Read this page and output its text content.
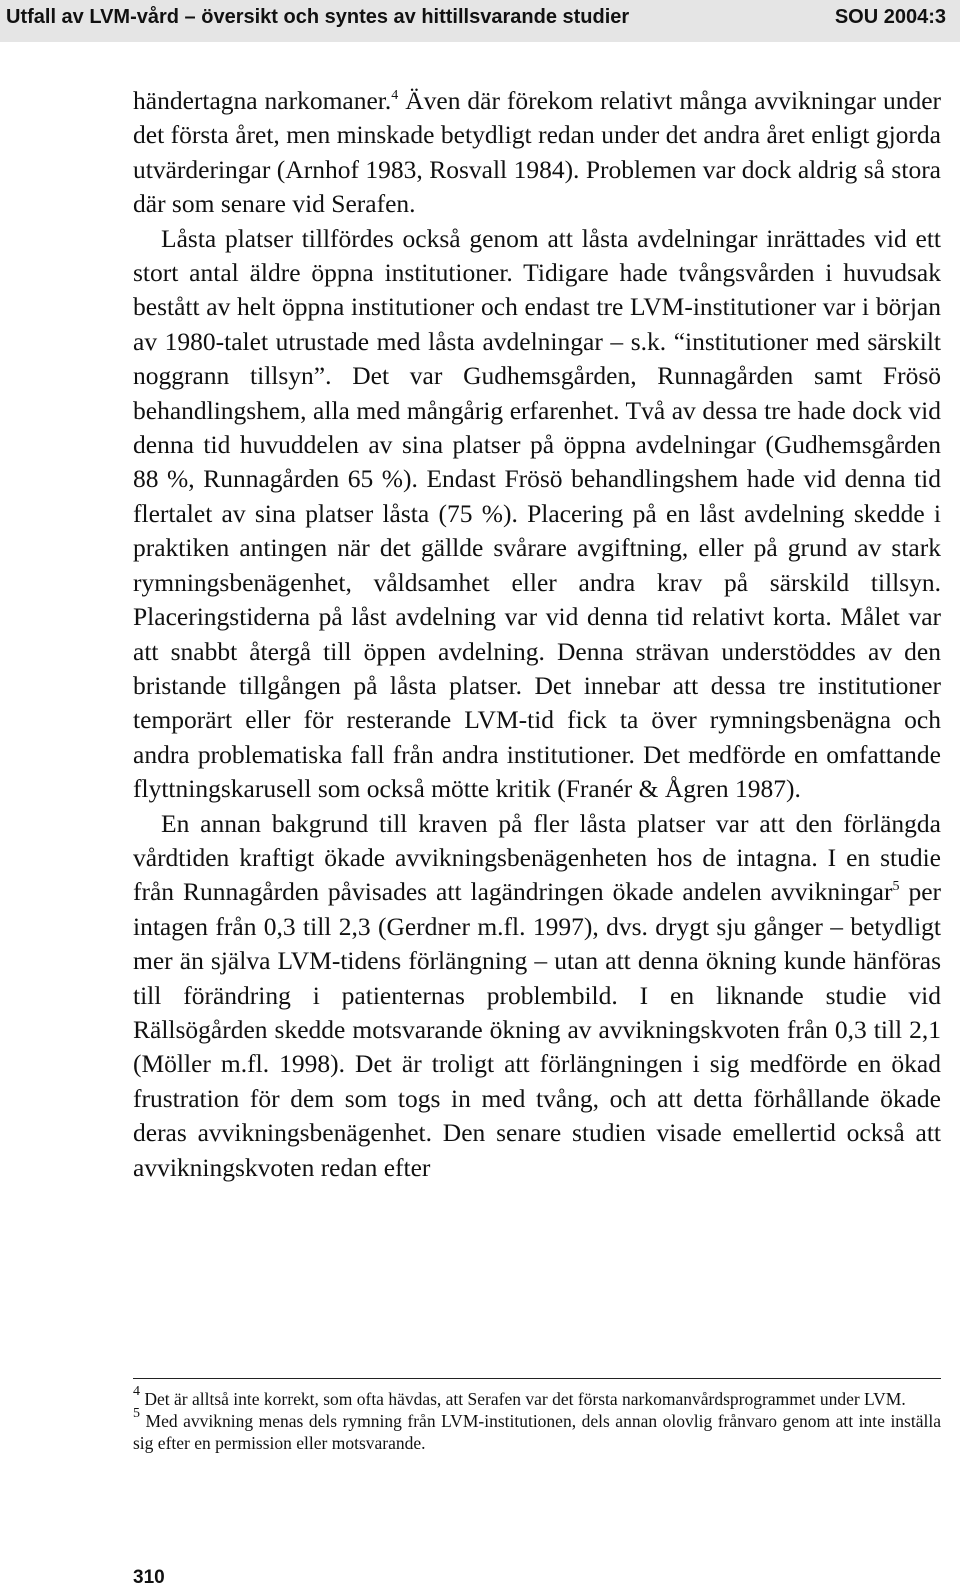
Utfall av LVM-vård – översikt och syntes av hittillsvarande studier	SOU 2004:3

händertagna narkomaner.$^4$ Även där förekom relativt många avvikningar under det första året, men minskade betydligt redan under det andra året enligt gjorda utvärderingar (Arnhof 1983, Rosvall 1984). Problemen var dock aldrig så stora där som senare vid Serafen.

Låsta platser tillfördes också genom att låsta avdelningar inrättades vid ett stort antal äldre öppna institutioner. Tidigare hade tvångsvården i huvudsak bestått av helt öppna institutioner och endast tre LVM-institutioner var i början av 1980-talet utrustade med låsta avdelningar – s.k. “institutioner med särskilt noggrann tillsyn”. Det var Gudhemsgården, Runnagården samt Frösö behandlingshem, alla med mångårig erfarenhet. Två av dessa tre hade dock vid denna tid huvuddelen av sina platser på öppna avdelningar (Gudhemsgården 88 %, Runnagården 65 %). Endast Frösö behandlingshem hade vid denna tid flertalet av sina platser låsta (75 %). Placering på en låst avdelning skedde i praktiken antingen när det gällde svårare avgiftning, eller på grund av stark rymningsbenägenhet, våldsamhet eller andra krav på särskild tillsyn. Placeringstiderna på låst avdelning var vid denna tid relativt korta. Målet var att snabbt återgå till öppen avdelning. Denna strävan understöddes av den bristande tillgången på låsta platser. Det innebar att dessa tre institutioner temporärt eller för resterande LVM-tid fick ta över rymningsbenägna och andra problematiska fall från andra institutioner. Det medförde en omfattande flyttningskarusell som också mötte kritik (Franér & Ågren 1987).

En annan bakgrund till kraven på fler låsta platser var att den förlängda vårdtiden kraftigt ökade avvikningsbenägenheten hos de intagna. I en studie från Runnagården påvisades att lagändringen ökade andelen avvikningar$^5$ per intagen från 0,3 till 2,3 (Gerdner m.fl. 1997), dvs. drygt sju gånger – betydligt mer än själva LVM-tidens förlängning – utan att denna ökning kunde hänföras till förändring i patienternas problembild. I en liknande studie vid Rällsögården skedde motsvarande ökning av avvikningskvoten från 0,3 till 2,1 (Möller m.fl. 1998). Det är troligt att förlängningen i sig medförde en ökad frustration för dem som togs in med tvång, och att detta förhållande ökade deras avvikningsbenägenhet. Den senare studien visade emellertid också att avvikningskvoten redan efter

$^4$ Det är alltså inte korrekt, som ofta hävdas, att Serafen var det första narkomanvårdsprogrammet under LVM.

$^5$ Med avvikning menas dels rymning från LVM-institutionen, dels annan olovlig frånvaro genom att inte inställa sig efter en permission eller motsvarande.

310
